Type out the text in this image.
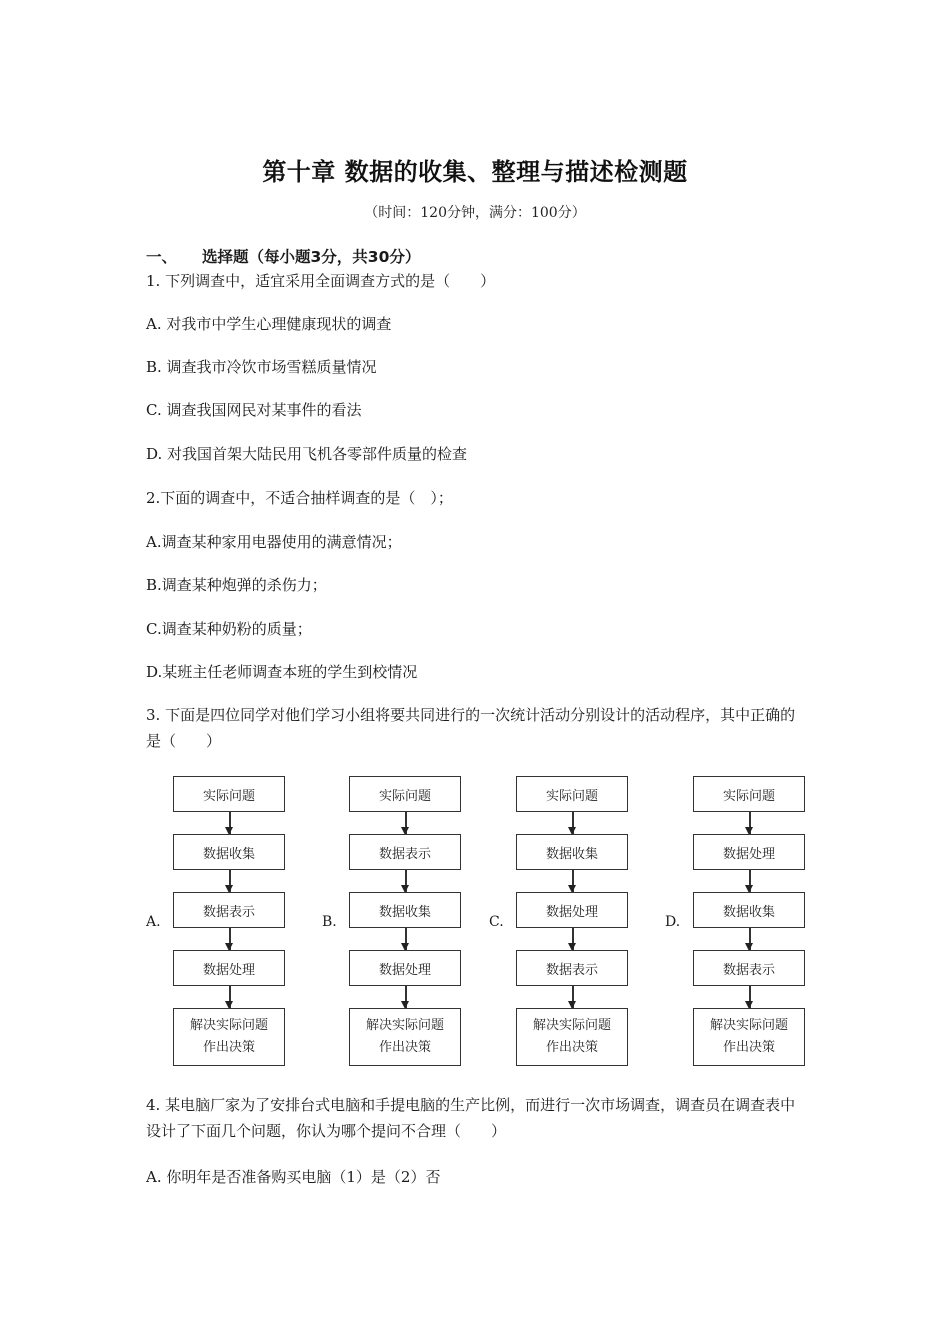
第十章 数据的收集、整理与描述检测题
（时间：120分钟，满分：100分）
一、 选择题（每小题3分，共30分）
1. 下列调查中，适宜采用全面调查方式的是（　　）
A. 对我市中学生心理健康现状的调查
B. 调查我市冷饮市场雪糕质量情况
C. 调查我国网民对某事件的看法
D. 对我国首架大陆民用飞机各零部件质量的检查
2.下面的调查中，不适合抽样调查的是（　）；
A.调查某种家用电器使用的满意情况；
B.调查某种炮弹的杀伤力；
C.调查某种奶粉的质量；
D.某班主任老师调查本班的学生到校情况
3. 下面是四位同学对他们学习小组将要共同进行的一次统计活动分别设计的活动程序，其中正确的是（　　）
A.
实际问题
数据收集
数据表示
数据处理
解决实际问题
作出决策
B.
实际问题
数据表示
数据收集
数据处理
解决实际问题
作出决策
C.
实际问题
数据收集
数据处理
数据表示
解决实际问题
作出决策
D.
实际问题
数据处理
数据收集
数据表示
解决实际问题
作出决策
4. 某电脑厂家为了安排台式电脑和手提电脑的生产比例，而进行一次市场调查，调查员在调查表中设计了下面几个问题，你认为哪个提问不合理（　　）
A. 你明年是否准备购买电脑（1）是（2）否
